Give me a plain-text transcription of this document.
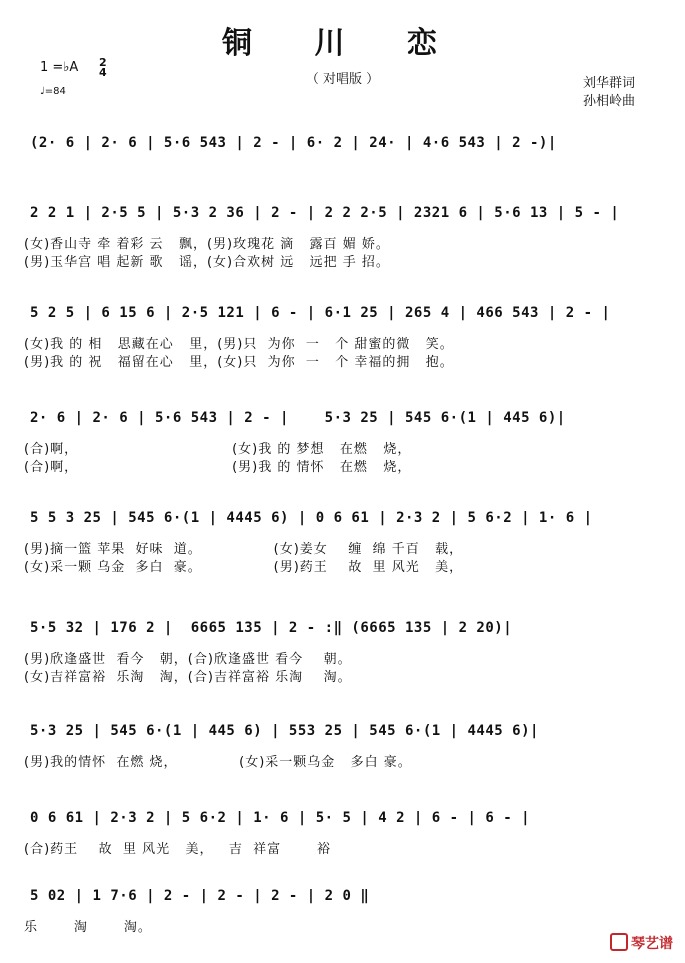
铜 川 恋
（ 对唱版 ）
1 =♭A 2
4
♩=84
刘华群词
孙相岭曲
(2· 6 | 2· 6 | 5·6 543 | 2 - | 6· 2 | 24· | 4·6 543 | 2 -)|
2 2 1 | 2·5 5 | 5·3 2 36 | 2 - | 2 2 2·5 | 2321 6 | 5·6 13 | 5 - |
(女)香山寺 牵 着彩 云   飘，(男)玫瑰花 滴   露百 媚 娇。
(男)玉华宫 唱 起新 歌   谣，(女)合欢树 远   远把 手 招。
5 2 5 | 6 15 6 | 2·5 121 | 6 - | 6·1 25 | 265 4 | 466 543 | 2 - |
(女)我 的 相   思藏在心   里，(男)只  为你  一   个 甜蜜的微   笑。
(男)我 的 祝   福留在心   里，(女)只  为你  一   个 幸福的拥   抱。
2· 6 | 2· 6 | 5·6 543 | 2 - |    5·3 25 | 545 6·(1 | 445 6)|
(合)啊，                              (女)我 的 梦想   在燃   烧，
(合)啊，                              (男)我 的 情怀   在燃   烧，
5 5 3 25 | 545 6·(1 | 4445 6) | 0 6 61 | 2·3 2 | 5 6·2 | 1· 6 |
(男)摘一篮 苹果  好味  道。              (女)姜女    缠  绵 千百   载，
(女)采一颗 乌金  多白  豪。              (男)药王    故  里 风光   美，
5·5 32 | 176 2 |  6665 135 | 2 - :‖ (6665 135 | 2 20)|
(男)欣逢盛世  看今   朝，(合)欣逢盛世 看今    朝。
(女)吉祥富裕  乐淘   淘，(合)吉祥富裕 乐淘    淘。
5·3 25 | 545 6·(1 | 445 6) | 553 25 | 545 6·(1 | 4445 6)|
(男)我的情怀  在燃 烧，            (女)采一颗乌金   多白 豪。
0 6 61 | 2·3 2 | 5 6·2 | 1· 6 | 5· 5 | 4 2 | 6 - | 6 - |
(合)药王    故  里 风光   美，   吉  祥富       裕
5 02 | 1 7·6 | 2 - | 2 - | 2 - | 2 0 ‖
乐       淘       淘。
琴艺谱
